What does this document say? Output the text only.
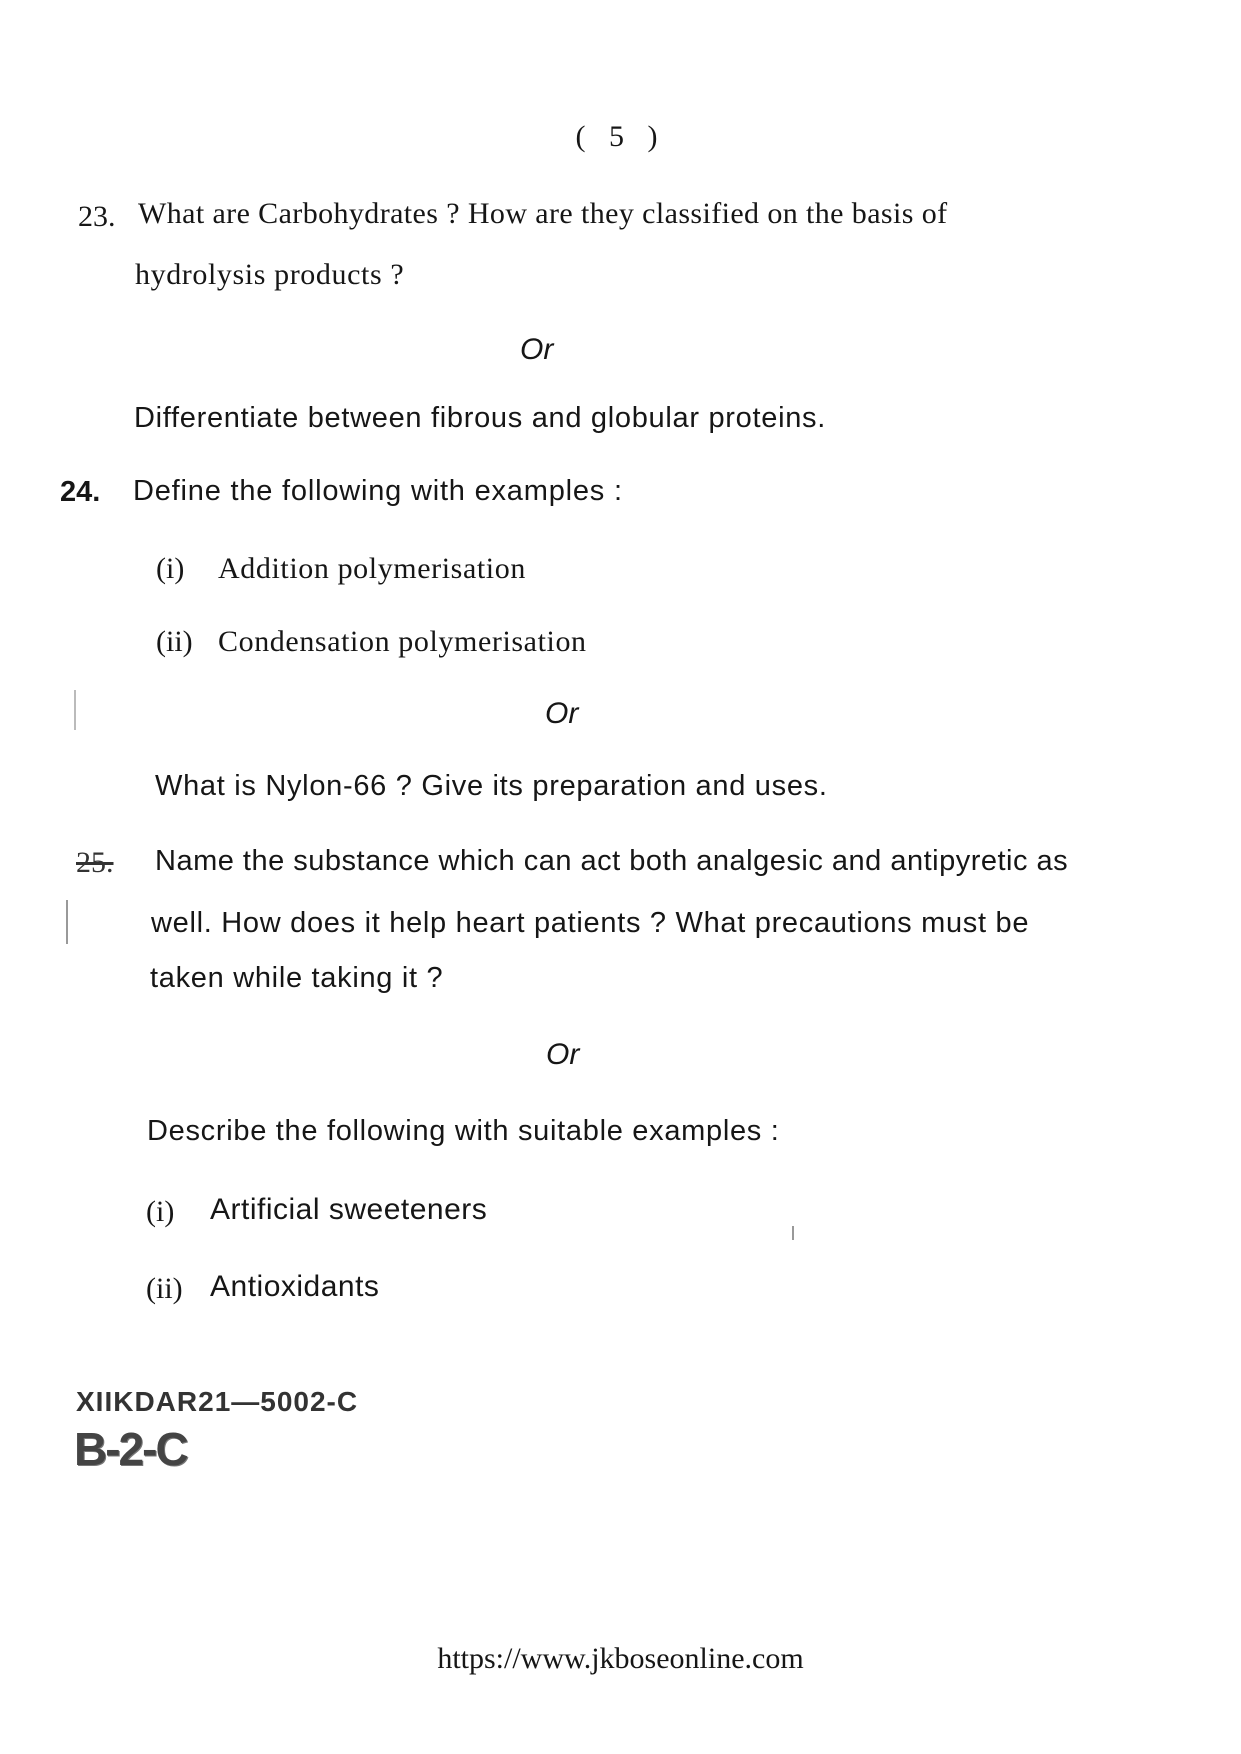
( 5 )
23. What are Carbohydrates ? How are they classified on the basis of
hydrolysis products ?
Or
Differentiate between fibrous and globular proteins.
24. Define the following with examples :
(i) Addition polymerisation
(ii) Condensation polymerisation
Or
What is Nylon-66 ? Give its preparation and uses.
25. Name the substance which can act both analgesic and antipyretic as
well. How does it help heart patients ? What precautions must be
taken while taking it ?
Or
Describe the following with suitable examples :
(i) Artificial sweeteners
(ii) Antioxidants
XIIKDAR21—5002-C
B-2-C
https://www.jkboseonline.com
